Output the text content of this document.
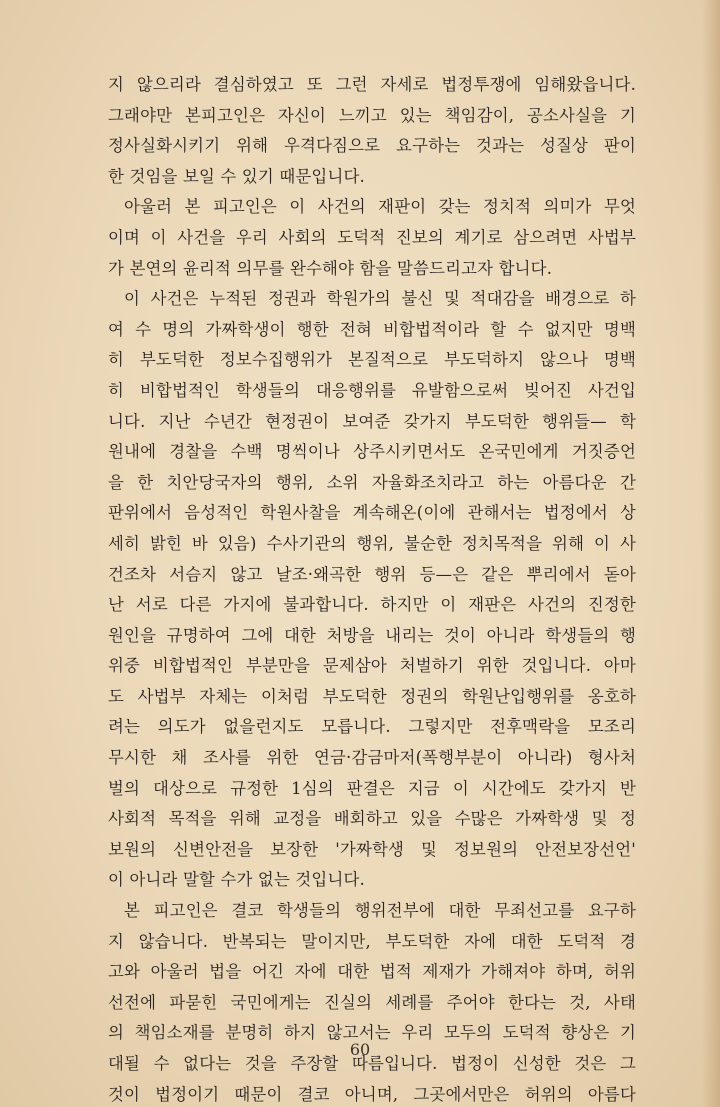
지 않으리라 결심하였고 또 그런 자세로 법정투쟁에 임해왔읍니다.
그래야만 본피고인은 자신이 느끼고 있는 책임감이, 공소사실을 기
정사실화시키기 위해 우격다짐으로 요구하는 것과는 성질상 판이
한 것임을 보일 수 있기 때문입니다.
아울러 본 피고인은 이 사건의 재판이 갖는 정치적 의미가 무엇
이며 이 사건을 우리 사회의 도덕적 진보의 계기로 삼으려면 사법부
가 본연의 윤리적 의무를 완수해야 함을 말씀드리고자 합니다.
이 사건은 누적된 정권과 학원가의 불신 및 적대감을 배경으로 하
여 수 명의 가짜학생이 행한 전혀 비합법적이라 할 수 없지만 명백
히 부도덕한 정보수집행위가 본질적으로 부도덕하지 않으나 명백
히 비합법적인 학생들의 대응행위를 유발함으로써 빚어진 사건입
니다. 지난 수년간 현정권이 보여준 갖가지 부도덕한 행위들— 학
원내에 경찰을 수백 명씩이나 상주시키면서도 온국민에게 거짓증언
을 한 치안당국자의 행위, 소위 자율화조치라고 하는 아름다운 간
판위에서 음성적인 학원사찰을 계속해온(이에 관해서는 법정에서 상
세히 밝힌 바 있음) 수사기관의 행위, 불순한 정치목적을 위해 이 사
건조차 서슴지 않고 날조·왜곡한 행위 등—은 같은 뿌리에서 돋아
난 서로 다른 가지에 불과합니다. 하지만 이 재판은 사건의 진정한
원인을 규명하여 그에 대한 처방을 내리는 것이 아니라 학생들의 행
위중 비합법적인 부분만을 문제삼아 처벌하기 위한 것입니다. 아마
도 사법부 자체는 이처럼 부도덕한 정권의 학원난입행위를 옹호하
려는 의도가 없을런지도 모릅니다. 그렇지만 전후맥락을 모조리
무시한 채 조사를 위한 연금·감금마저(폭행부분이 아니라) 형사처
벌의 대상으로 규정한 1심의 판결은 지금 이 시간에도 갖가지 반
사회적 목적을 위해 교정을 배회하고 있을 수많은 가짜학생 및 정
보원의 신변안전을 보장한 '가짜학생 및 정보원의 안전보장선언'
이 아니라 말할 수가 없는 것입니다.
본 피고인은 결코 학생들의 행위전부에 대한 무죄선고를 요구하
지 않습니다. 반복되는 말이지만, 부도덕한 자에 대한 도덕적 경
고와 아울러 법을 어긴 자에 대한 법적 제재가 가해져야 하며, 허위
선전에 파묻힌 국민에게는 진실의 세례를 주어야 한다는 것, 사태
의 책임소재를 분명히 하지 않고서는 우리 모두의 도덕적 향상은 기
대될 수 없다는 것을 주장할 따름입니다. 법정이 신성한 것은 그
것이 법정이기 때문이 결코 아니며, 그곳에서만은 허위의 아름다
60
